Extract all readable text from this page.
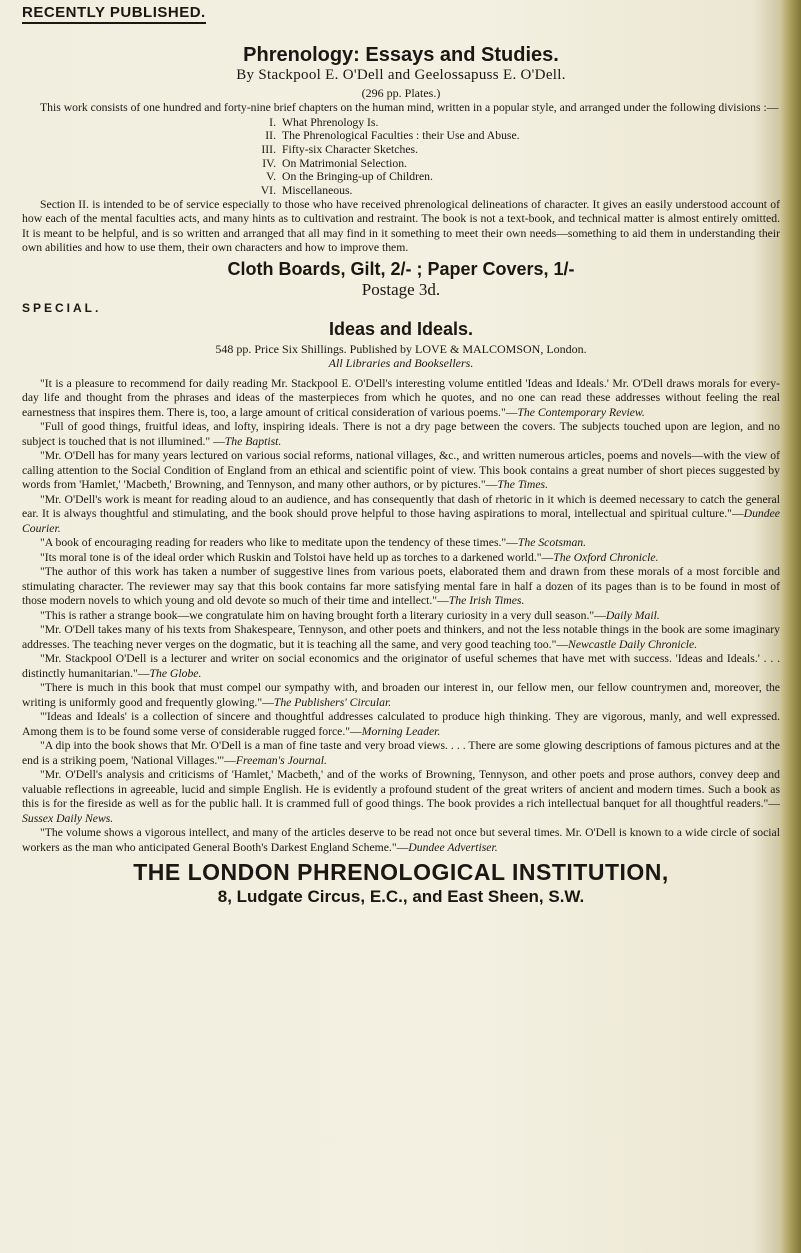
RECENTLY PUBLISHED.
Phrenology: Essays and Studies.

By Stackpool E. O'Dell and Geelossapuss E. O'Dell.

(296 pp. Plates.)

This work consists of one hundred and forty-nine brief chapters on the human mind, written in a popular style, and arranged under the following divisions :—

I. What Phrenology Is.
II. The Phrenological Faculties : their Use and Abuse.
III. Fifty-six Character Sketches.
IV. On Matrimonial Selection.
V. On the Bringing-up of Children.
VI. Miscellaneous.

Section II. is intended to be of service especially to those who have received phrenological delineations of character. It gives an easily understood account of how each of the mental faculties acts, and many hints as to cultivation and restraint. The book is not a text-book, and technical matter is almost entirely omitted. It is meant to be helpful, and is so written and arranged that all may find in it something to meet their own needs—something to aid them in understanding their own abilities and how to use them, their own characters and how to improve them.

Cloth Boards, Gilt, 2/- ; Paper Covers, 1/-

Postage 3d.

SPECIAL.

Ideas and Ideals.

548 pp. Price Six Shillings. Published by LOVE & MALCOMSON, London.

All Libraries and Booksellers.

"It is a pleasure to recommend for daily reading Mr. Stackpool E. O'Dell's interesting volume entitled 'Ideas and Ideals.' Mr. O'Dell draws morals for every-day life and thought from the phrases and ideas of the masterpieces from which he quotes, and no one can read these addresses without feeling the real earnestness that inspires them. There is, too, a large amount of critical consideration of various poems."—The Contemporary Review.

"Full of good things, fruitful ideas, and lofty, inspiring ideals. There is not a dry page between the covers. The subjects touched upon are legion, and no subject is touched that is not illumined." —The Baptist.

"Mr. O'Dell has for many years lectured on various social reforms, national villages, &c., and written numerous articles, poems and novels—with the view of calling attention to the Social Condition of England from an ethical and scientific point of view. This book contains a great number of short pieces suggested by words from 'Hamlet,' 'Macbeth,' Browning, and Tennyson, and many other authors, or by pictures."—The Times.

"Mr. O'Dell's work is meant for reading aloud to an audience, and has consequently that dash of rhetoric in it which is deemed necessary to catch the general ear. It is always thoughtful and stimulating, and the book should prove helpful to those having aspirations to moral, intellectual and spiritual culture."—Dundee Courier.

"A book of encouraging reading for readers who like to meditate upon the tendency of these times."—The Scotsman.

"Its moral tone is of the ideal order which Ruskin and Tolstoi have held up as torches to a darkened world."—The Oxford Chronicle.

"The author of this work has taken a number of suggestive lines from various poets, elaborated them and drawn from these morals of a most forcible and stimulating character. The reviewer may say that this book contains far more satisfying mental fare in half a dozen of its pages than is to be found in most of those modern novels to which young and old devote so much of their time and intellect."—The Irish Times.

"This is rather a strange book—we congratulate him on having brought forth a literary curiosity in a very dull season."—Daily Mail.

"Mr. O'Dell takes many of his texts from Shakespeare, Tennyson, and other poets and thinkers, and not the less notable things in the book are some imaginary addresses. The teaching never verges on the dogmatic, but it is teaching all the same, and very good teaching too."—Newcastle Daily Chronicle.

"Mr. Stackpool O'Dell is a lecturer and writer on social economics and the originator of useful schemes that have met with success. 'Ideas and Ideals.' . . . distinctly humanitarian."—The Globe.

"There is much in this book that must compel our sympathy with, and broaden our interest in, our fellow men, our fellow countrymen and, moreover, the writing is uniformly good and frequently glowing."—The Publishers' Circular.

"'Ideas and Ideals' is a collection of sincere and thoughtful addresses calculated to produce high thinking. They are vigorous, manly, and well expressed. Among them is to be found some verse of considerable rugged force."—Morning Leader.

"A dip into the book shows that Mr. O'Dell is a man of fine taste and very broad views. . . . There are some glowing descriptions of famous pictures and at the end is a striking poem, 'National Villages.'"—Freeman's Journal.

"Mr. O'Dell's analysis and criticisms of 'Hamlet,' Macbeth,' and of the works of Browning, Tennyson, and other poets and prose authors, convey deep and valuable reflections in agreeable, lucid and simple English. He is evidently a profound student of the great writers of ancient and modern times. Such a book as this is for the fireside as well as for the public hall. It is crammed full of good things. The book provides a rich intellectual banquet for all thoughtful readers."—Sussex Daily News.

"The volume shows a vigorous intellect, and many of the articles deserve to be read not once but several times. Mr. O'Dell is known to a wide circle of social workers as the man who anticipated General Booth's Darkest England Scheme."—Dundee Advertiser.

THE LONDON PHRENOLOGICAL INSTITUTION,

8, Ludgate Circus, E.C., and East Sheen, S.W.
